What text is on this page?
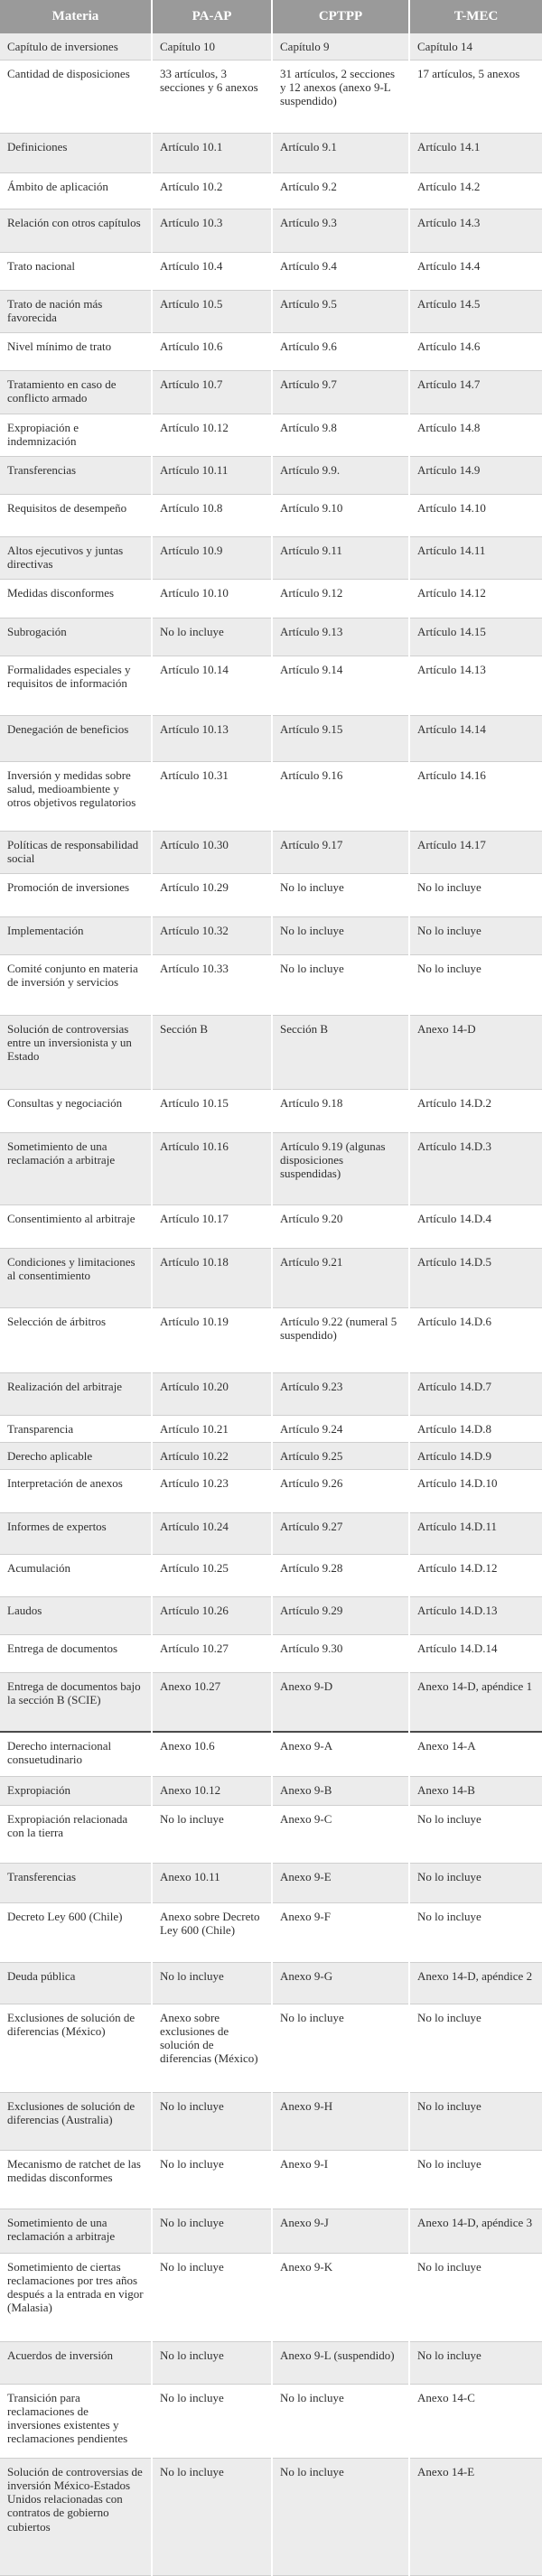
Materia	PA-AP	CPTPP	T-MEC
Capítulo de inversiones	Capítulo 10	Capítulo 9	Capítulo 14
Cantidad de disposiciones	33 artículos, 3 secciones y 6 anexos	31 artículos, 2 secciones y 12 anexos (anexo 9-L suspendido)	17 artículos, 5 anexos
Definiciones	Artículo 10.1	Artículo 9.1	Artículo 14.1
Ámbito de aplicación	Artículo 10.2	Artículo 9.2	Artículo 14.2
Relación con otros capítulos	Artículo 10.3	Artículo 9.3	Artículo 14.3
Trato nacional	Artículo 10.4	Artículo 9.4	Artículo 14.4
Trato de nación más favorecida	Artículo 10.5	Artículo 9.5	Artículo 14.5
Nivel mínimo de trato	Artículo 10.6	Artículo 9.6	Artículo 14.6
Tratamiento en caso de conflicto armado	Artículo 10.7	Artículo 9.7	Artículo 14.7
Expropiación e indemnización	Artículo 10.12	Artículo 9.8	Artículo 14.8
Transferencias	Artículo 10.11	Artículo 9.9.	Artículo 14.9
Requisitos de desempeño	Artículo 10.8	Artículo 9.10	Artículo 14.10
Altos ejecutivos y juntas directivas	Artículo 10.9	Artículo 9.11	Artículo 14.11
Medidas disconformes	Artículo 10.10	Artículo 9.12	Artículo 14.12
Subrogación	No lo incluye	Artículo 9.13	Artículo 14.15
Formalidades especiales y requisitos de información	Artículo 10.14	Artículo 9.14	Artículo 14.13
Denegación de beneficios	Artículo 10.13	Artículo 9.15	Artículo 14.14
Inversión y medidas sobre salud, medioambiente y otros objetivos regulatorios	Artículo 10.31	Artículo 9.16	Artículo 14.16
Políticas de responsabilidad social	Artículo 10.30	Artículo 9.17	Artículo 14.17
Promoción de inversiones	Artículo 10.29	No lo incluye	No lo incluye
Implementación	Artículo 10.32	No lo incluye	No lo incluye
Comité conjunto en materia de inversión y servicios	Artículo 10.33	No lo incluye	No lo incluye
Solución de controversias entre un inversionista y un Estado	Sección B	Sección B	Anexo 14-D
Consultas y negociación	Artículo 10.15	Artículo 9.18	Artículo 14.D.2
Sometimiento de una reclamación a arbitraje	Artículo 10.16	Artículo 9.19 (algunas disposiciones suspendidas)	Artículo 14.D.3
Consentimiento al arbitraje	Artículo 10.17	Artículo 9.20	Artículo 14.D.4
Condiciones y limitaciones al consentimiento	Artículo 10.18	Artículo 9.21	Artículo 14.D.5
Selección de árbitros	Artículo 10.19	Artículo 9.22 (numeral 5 suspendido)	Artículo 14.D.6
Realización del arbitraje	Artículo 10.20	Artículo 9.23	Artículo 14.D.7
Transparencia	Artículo 10.21	Artículo 9.24	Artículo 14.D.8
Derecho aplicable	Artículo 10.22	Artículo 9.25	Artículo 14.D.9
Interpretación de anexos	Artículo 10.23	Artículo 9.26	Artículo 14.D.10
Informes de expertos	Artículo 10.24	Artículo 9.27	Artículo 14.D.11
Acumulación	Artículo 10.25	Artículo 9.28	Artículo 14.D.12
Laudos	Artículo 10.26	Artículo 9.29	Artículo 14.D.13
Entrega de documentos	Artículo 10.27	Artículo 9.30	Artículo 14.D.14
Entrega de documentos bajo la sección B (SCIE)	Anexo 10.27	Anexo 9-D	Anexo 14-D, apéndice 1
Derecho internacional consuetudinario	Anexo 10.6	Anexo 9-A	Anexo 14-A
Expropiación	Anexo 10.12	Anexo 9-B	Anexo 14-B
Expropiación relacionada con la tierra	No lo incluye	Anexo 9-C	No lo incluye
Transferencias	Anexo 10.11	Anexo 9-E	No lo incluye
Decreto Ley 600 (Chile)	Anexo sobre Decreto Ley 600 (Chile)	Anexo 9-F	No lo incluye
Deuda pública	No lo incluye	Anexo 9-G	Anexo 14-D, apéndice 2
Exclusiones de solución de diferencias (México)	Anexo sobre exclusiones de solución de diferencias (México)	No lo incluye	No lo incluye
Exclusiones de solución de diferencias (Australia)	No lo incluye	Anexo 9-H	No lo incluye
Mecanismo de ratchet de las medidas disconformes	No lo incluye	Anexo 9-I	No lo incluye
Sometimiento de una reclamación a arbitraje	No lo incluye	Anexo 9-J	Anexo 14-D, apéndice 3
Sometimiento de ciertas reclamaciones por tres años después a la entrada en vigor (Malasia)	No lo incluye	Anexo 9-K	No lo incluye
Acuerdos de inversión	No lo incluye	Anexo 9-L (suspendido)	No lo incluye
Transición para reclamaciones de inversiones existentes y reclamaciones pendientes	No lo incluye	No lo incluye	Anexo 14-C
Solución de controversias de inversión México-Estados Unidos relacionadas con contratos de gobierno cubiertos	No lo incluye	No lo incluye	Anexo 14-E
